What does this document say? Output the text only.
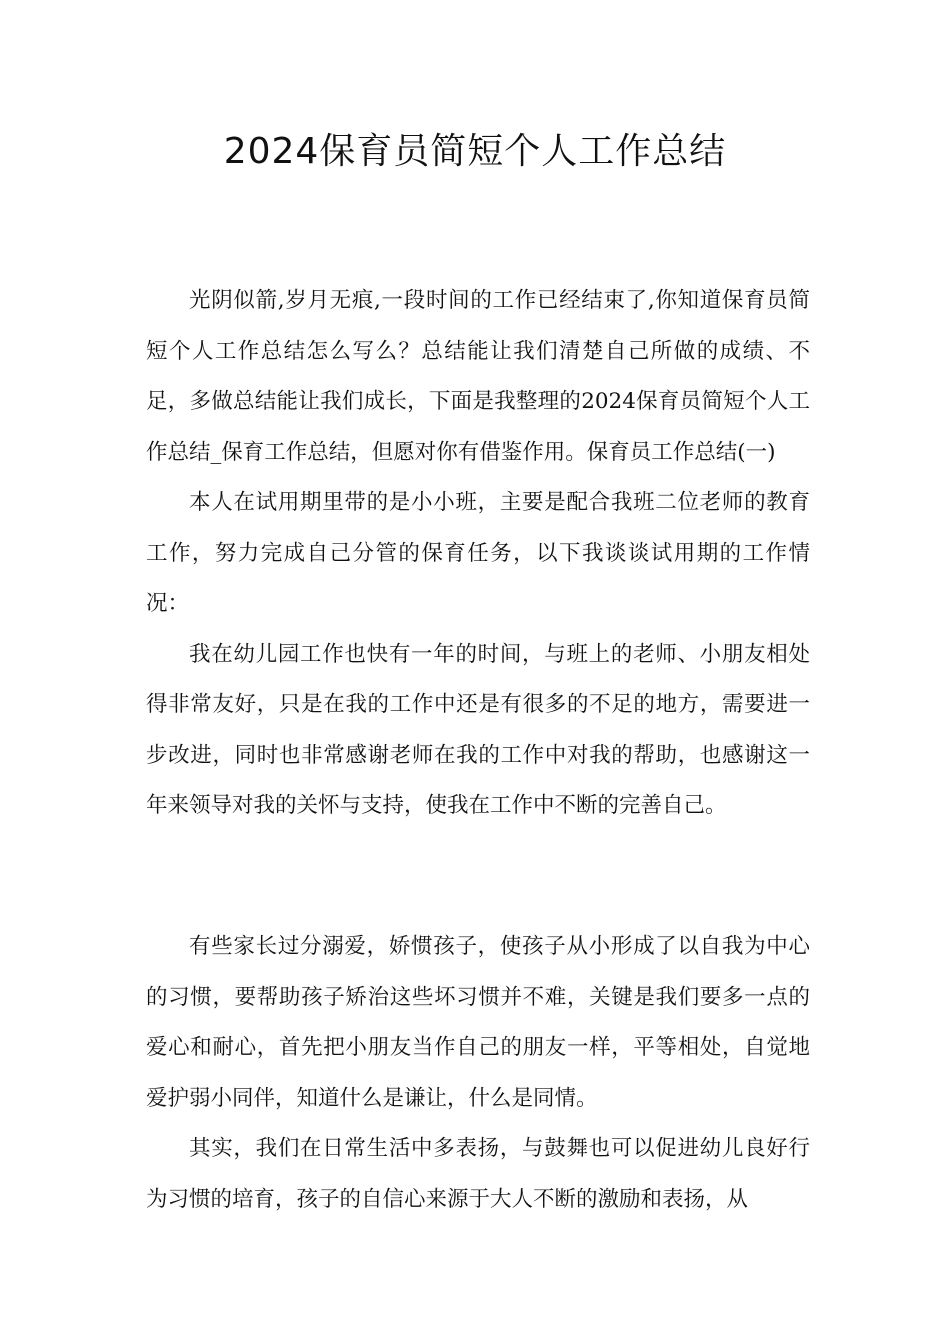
2024保育员简短个人工作总结

光阴似箭,岁月无痕,一段时间的工作已经结束了,你知道保育员简短个人工作总结怎么写么？总结能让我们清楚自己所做的成绩、不足，多做总结能让我们成长，下面是我整理的2024保育员简短个人工作总结_保育工作总结，但愿对你有借鉴作用。保育员工作总结(一)

本人在试用期里带的是小小班，主要是配合我班二位老师的教育工作，努力完成自己分管的保育任务，以下我谈谈试用期的工作情况：

我在幼儿园工作也快有一年的时间，与班上的老师、小朋友相处得非常友好，只是在我的工作中还是有很多的不足的地方，需要进一步改进，同时也非常感谢老师在我的工作中对我的帮助，也感谢这一年来领导对我的关怀与支持，使我在工作中不断的完善自己。

有些家长过分溺爱，娇惯孩子，使孩子从小形成了以自我为中心的习惯，要帮助孩子矫治这些坏习惯并不难，关键是我们要多一点的爱心和耐心，首先把小朋友当作自己的朋友一样，平等相处，自觉地爱护弱小同伴，知道什么是谦让，什么是同情。

其实，我们在日常生活中多表扬，与鼓舞也可以促进幼儿良好行为习惯的培育，孩子的自信心来源于大人不断的激励和表扬，从
